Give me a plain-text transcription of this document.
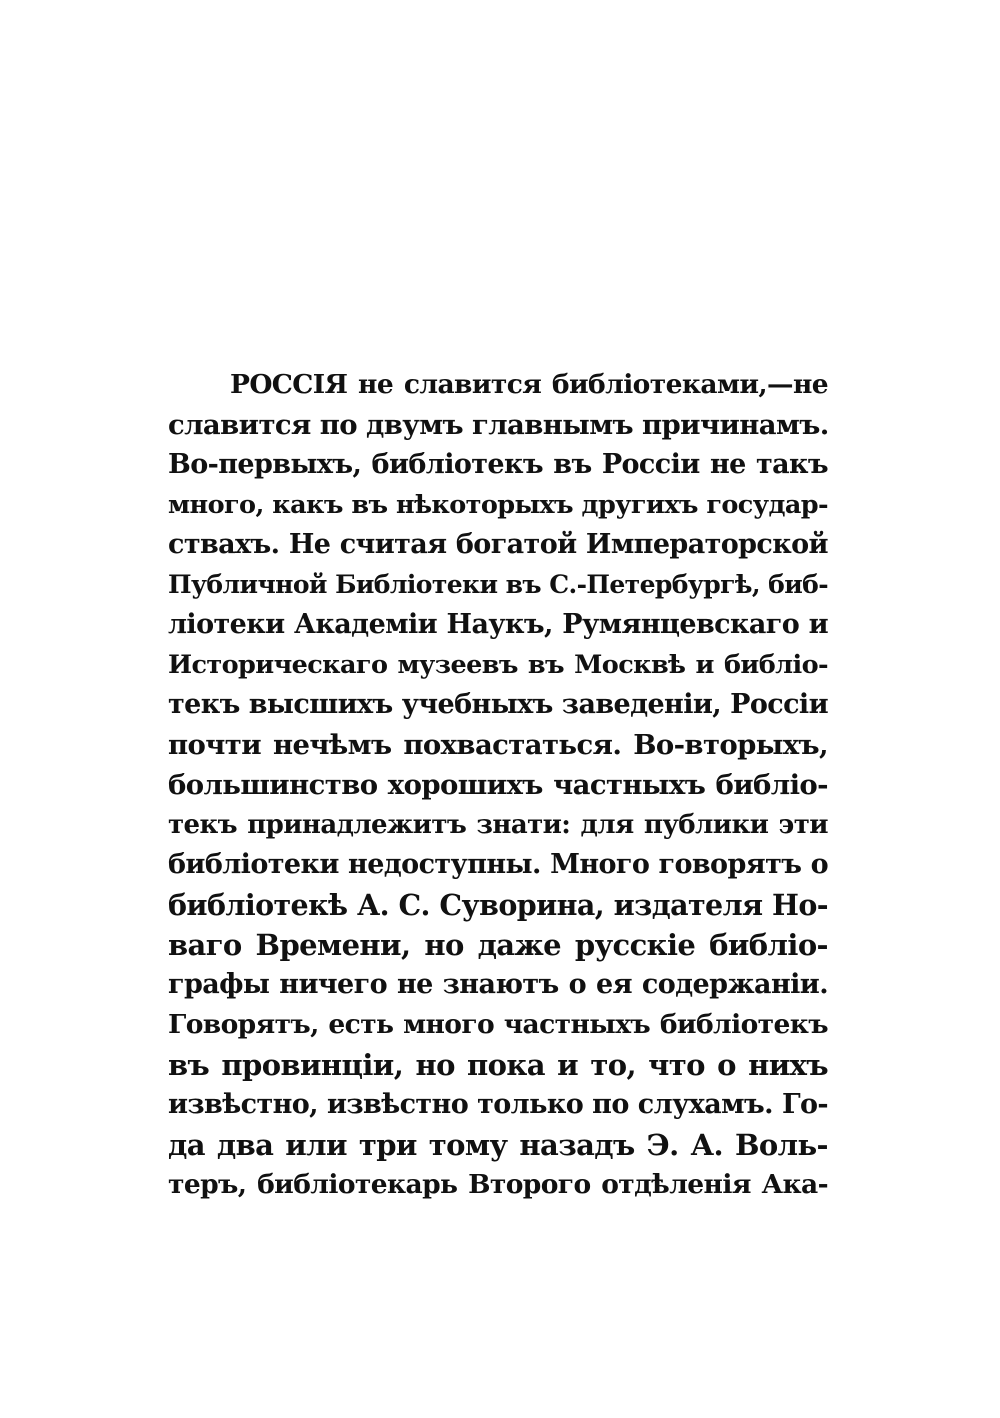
РОССІЯ не славится библіотеками,—не
славится по двумъ главнымъ причинамъ.
Во-первыхъ, библіотекъ въ Россіи не такъ
много, какъ въ нѣкоторыхъ другихъ государ-
ствахъ. Не считая богатой Императорской
Публичной Библіотеки въ С.-Петербургѣ, биб-
ліотеки Академіи Наукъ, Румянцевскаго и
Историческаго музеевъ въ Москвѣ и библіо-
текъ высшихъ учебныхъ заведеніи, Россіи
почти нечѣмъ похвастаться. Во-вторыхъ,
большинство хорошихъ частныхъ библіо-
текъ принадлежитъ знати: для публики эти
библіотеки недоступны. Много говорятъ о
библіотекѣ А. С. Суворина, издателя Но-
ваго Времени, но даже русскіе библіо-
графы ничего не знаютъ о ея содержаніи.
Говорятъ, есть много частныхъ библіотекъ
въ провинціи, но пока и то, что о нихъ
извѣстно, извѣстно только по слухамъ. Го-
да два или три тому назадъ Э. А. Воль-
теръ, библіотекарь Второго отдѣленія Ака-
